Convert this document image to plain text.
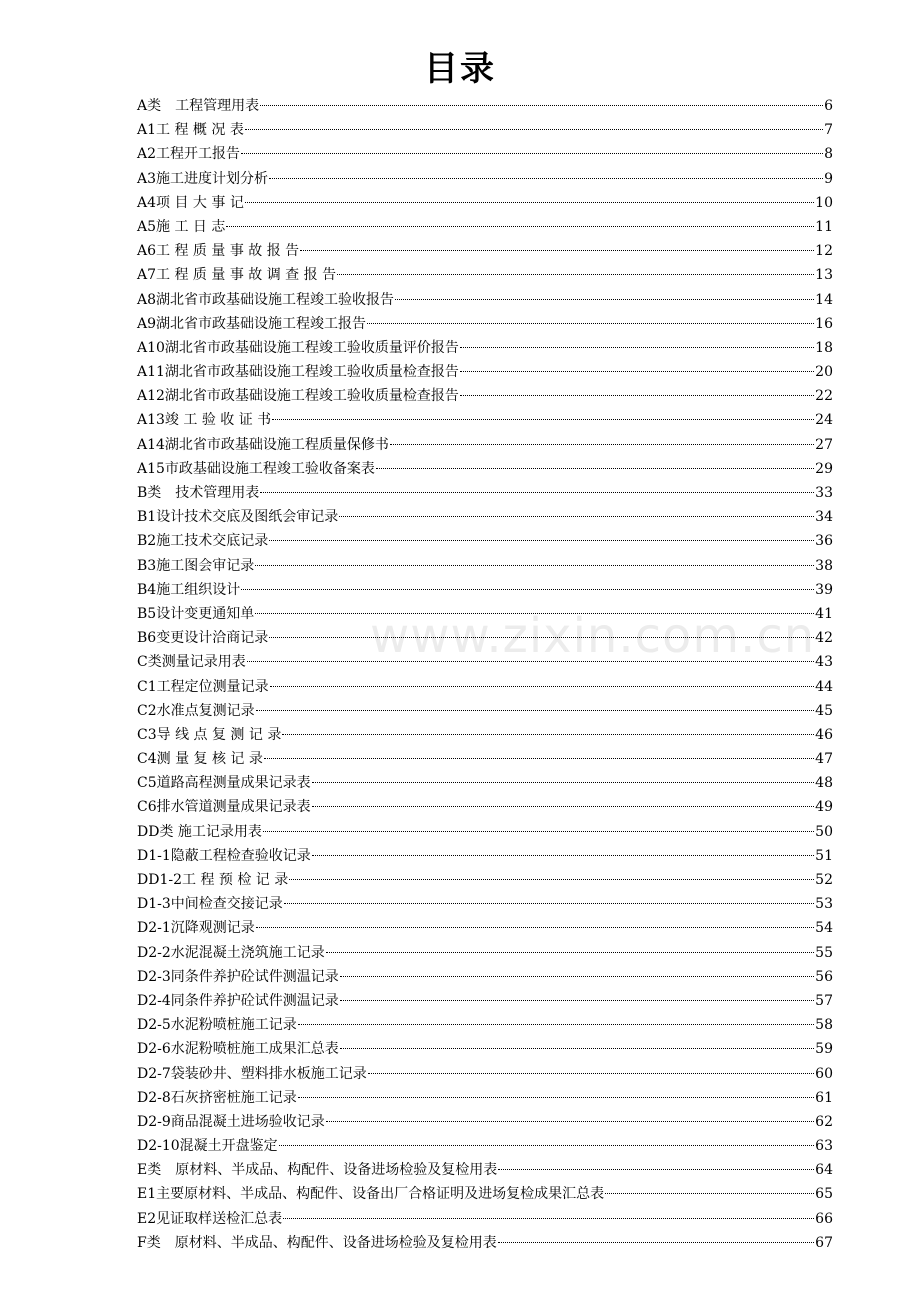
目录
www.zixin.com.cn
A类　工程管理用表	6
A1工 程 概 况 表	7
A2工程开工报告	8
A3施工进度计划分析	9
A4项 目 大 事 记	10
A5施 工 日 志	11
A6工 程 质 量 事 故 报 告	12
A7工 程 质 量 事 故 调 查 报 告	13
A8湖北省市政基础设施工程竣工验收报告	14
A9湖北省市政基础设施工程竣工报告	16
A10湖北省市政基础设施工程竣工验收质量评价报告	18
A11湖北省市政基础设施工程竣工验收质量检查报告	20
A12湖北省市政基础设施工程竣工验收质量检查报告	22
A13竣 工 验 收 证 书	24
A14湖北省市政基础设施工程质量保修书	27
A15市政基础设施工程竣工验收备案表	29
B类　技术管理用表	33
B1设计技术交底及图纸会审记录	34
B2施工技术交底记录	36
B3施工图会审记录	38
B4施工组织设计	39
B5设计变更通知单	41
B6变更设计洽商记录	42
C类测量记录用表	43
C1工程定位测量记录	44
C2水准点复测记录	45
C3导 线 点 复 测 记 录	46
C4测 量 复 核 记 录	47
C5道路高程测量成果记录表	48
C6排水管道测量成果记录表	49
DD类 施工记录用表	50
D1-1隐蔽工程检查验收记录	51
DD1-2工 程 预 检 记 录	52
D1-3中间检查交接记录	53
D2-1沉降观测记录	54
D2-2水泥混凝土浇筑施工记录	55
D2-3同条件养护砼试件测温记录	56
D2-4同条件养护砼试件测温记录	57
D2-5水泥粉喷桩施工记录	58
D2-6水泥粉喷桩施工成果汇总表	59
D2-7袋装砂井、塑料排水板施工记录	60
D2-8石灰挤密桩施工记录	61
D2-9商品混凝土进场验收记录	62
D2-10混凝土开盘鉴定	63
E类　原材料、半成品、构配件、设备进场检验及复检用表	64
E1主要原材料、半成品、构配件、设备出厂合格证明及进场复检成果汇总表	65
E2见证取样送检汇总表	66
F类　原材料、半成品、构配件、设备进场检验及复检用表	67
